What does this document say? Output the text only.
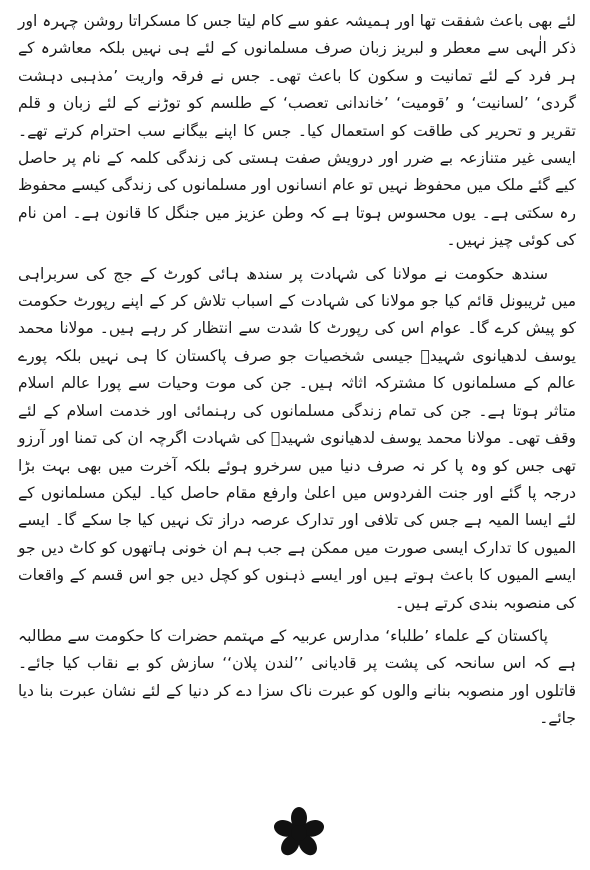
لئے بھی باعث شفقت تھا اور ہمیشہ عفو سے کام لیتا جس کا مسکراتا روشن چہرہ اور ذکر الٰہی سے معطر و لبریز زبان صرف مسلمانوں کے لئے ہی نہیں بلکہ معاشرہ کے ہر فرد کے لئے تمانیت و سکون کا باعث تھی۔ جس نے فرقہ واریت ’مذہبی دہشت گردی‘ ’لسانیت‘ و ’قومیت‘ ’خاندانی تعصب‘ کے طلسم کو توڑنے کے لئے زبان و قلم تقریر و تحریر کی طاقت کو استعمال کیا۔ جس کا اپنے بیگانے سب احترام کرتے تھے۔ ایسی غیر متنازعہ بے ضرر اور درویش صفت ہستی کی زندگی کلمہ کے نام پر حاصل کیے گئے ملک میں محفوظ نہیں تو عام انسانوں اور مسلمانوں کی زندگی کیسے محفوظ رہ سکتی ہے۔ یوں محسوس ہوتا ہے کہ وطن عزیز میں جنگل کا قانون ہے۔ امن نام کی کوئی چیز نہیں۔

سندھ حکومت نے مولانا کی شہادت پر سندھ ہائی کورٹ کے جج کی سربراہی میں ٹریبونل قائم کیا جو مولانا کی شہادت کے اسباب تلاش کر کے اپنے رپورٹ حکومت کو پیش کرے گا۔ عوام اس کی رپورٹ کا شدت سے انتظار کر رہے ہیں۔ مولانا محمد یوسف لدھیانوی شہیدؒ جیسی شخصیات جو صرف پاکستان کا ہی نہیں بلکہ پورے عالم کے مسلمانوں کا مشترکہ اثاثہ ہیں۔ جن کی موت وحیات سے پورا عالم اسلام متاثر ہوتا ہے۔ جن کی تمام زندگی مسلمانوں کی رہنمائی اور خدمت اسلام کے لئے وقف تھی۔ مولانا محمد یوسف لدھیانوی شہیدؒ کی شہادت اگرچہ ان کی تمنا اور آرزو تھی جس کو وہ پا کر نہ صرف دنیا میں سرخرو ہوئے بلکہ آخرت میں بھی بہت بڑا درجہ پا گئے اور جنت الفردوس میں اعلیٰ وارفع مقام حاصل کیا۔ لیکن مسلمانوں کے لئے ایسا المیہ ہے جس کی تلافی اور تدارک عرصہ دراز تک نہیں کیا جا سکے گا۔ ایسے المیوں کا تدارک ایسی صورت میں ممکن ہے جب ہم ان خونی ہاتھوں کو کاٹ دیں جو ایسے المیوں کا باعث ہوتے ہیں اور ایسے ذہنوں کو کچل دیں جو اس قسم کے واقعات کی منصوبہ بندی کرتے ہیں۔

پاکستان کے علماء ’طلباء‘ مدارس عربیہ کے مہتمم حضرات کا حکومت سے مطالبہ ہے کہ اس سانحہ کی پشت پر قادیانی ’’لندن پلان‘‘ سازش کو بے نقاب کیا جائے۔ قاتلوں اور منصوبہ بنانے والوں کو عبرت ناک سزا دے کر دنیا کے لئے نشان عبرت بنا دیا جائے۔
